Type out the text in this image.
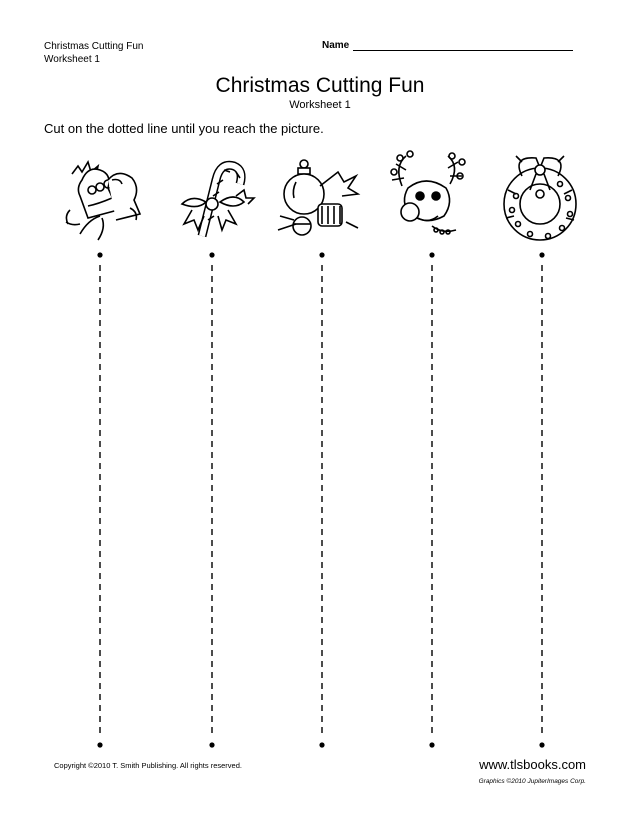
Christmas Cutting Fun
Worksheet 1
Name
Christmas Cutting Fun
Worksheet 1
Cut on the dotted line until you reach the picture.
Copyright ©2010 T. Smith Publishing. All rights reserved.	www.tlsbooks.com
Graphics ©2010 JupiterImages Corp.
